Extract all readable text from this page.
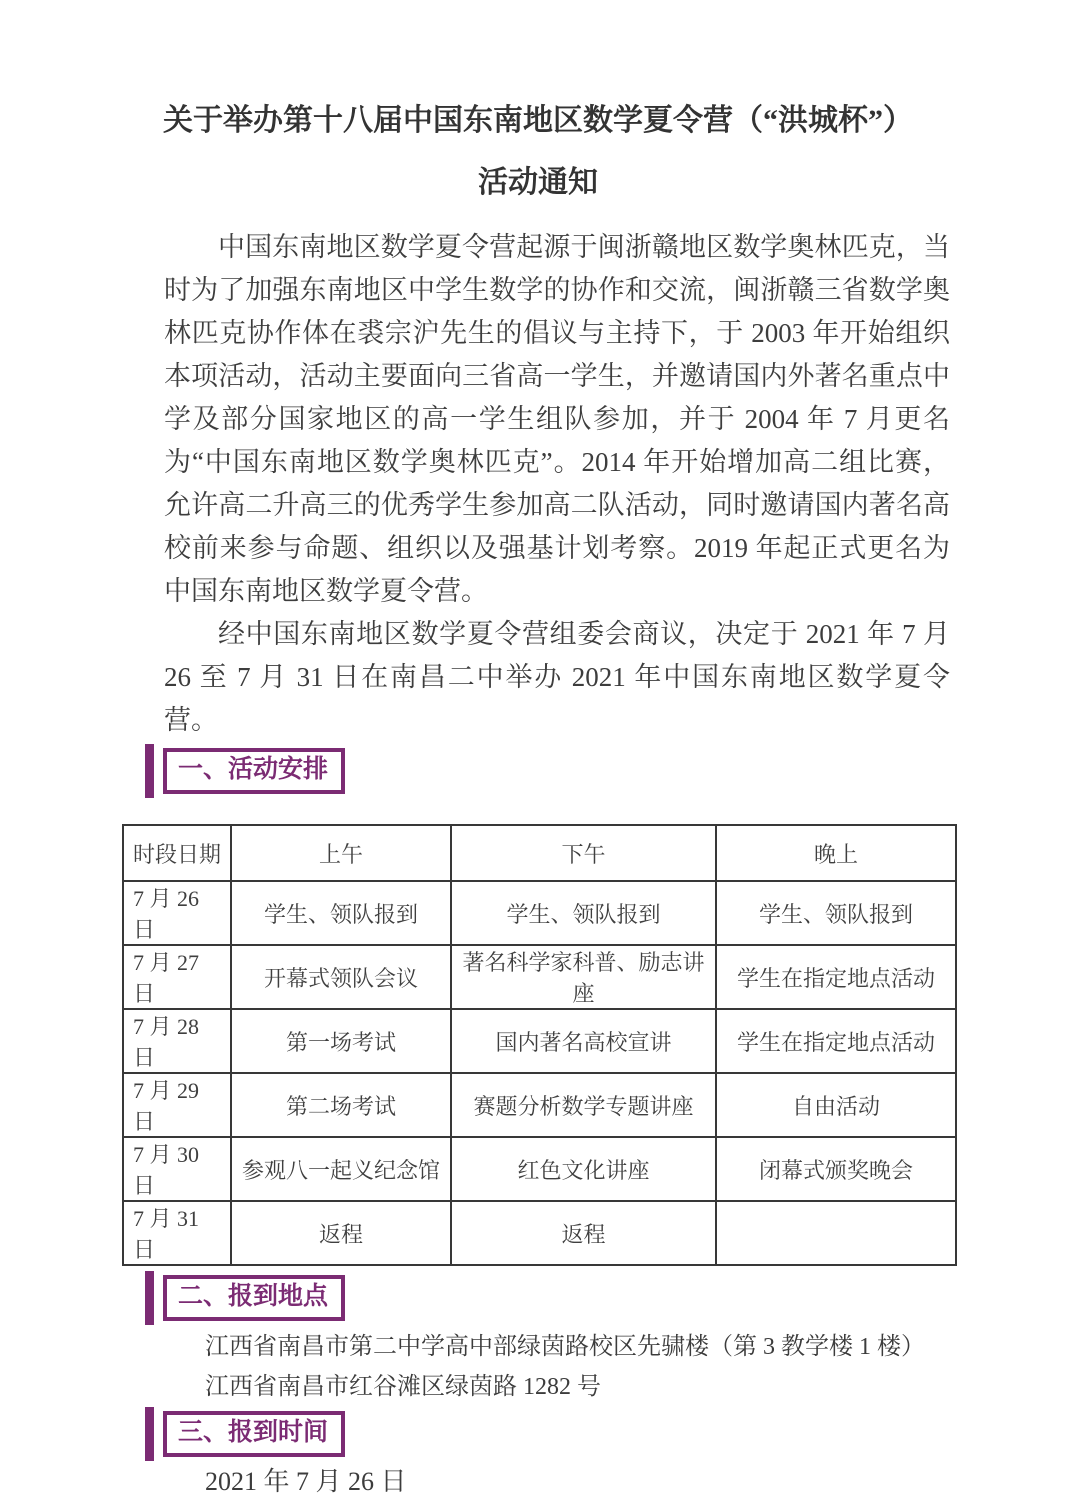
关于举办第十八届中国东南地区数学夏令营（“洪城杯”）
活动通知

中国东南地区数学夏令营起源于闽浙赣地区数学奥林匹克，当时为了加强东南地区中学生数学的协作和交流，闽浙赣三省数学奥林匹克协作体在裘宗沪先生的倡议与主持下，于 2003 年开始组织本项活动，活动主要面向三省高一学生，并邀请国内外著名重点中学及部分国家地区的高一学生组队参加，并于 2004 年 7 月更名为“中国东南地区数学奥林匹克”。2014 年开始增加高二组比赛，允许高二升高三的优秀学生参加高二队活动，同时邀请国内著名高校前来参与命题、组织以及强基计划考察。2019 年起正式更名为中国东南地区数学夏令营。

经中国东南地区数学夏令营组委会商议，决定于 2021 年 7 月 26 至 7 月 31 日在南昌二中举办 2021 年中国东南地区数学夏令营。

一、活动安排
时段日期	上午	下午	晚上
7 月 26 日	学生、领队报到	学生、领队报到	学生、领队报到
7 月 27 日	开幕式领队会议	著名科学家科普、励志讲座	学生在指定地点活动
7 月 28 日	第一场考试	国内著名高校宣讲	学生在指定地点活动
7 月 29 日	第二场考试	赛题分析数学专题讲座	自由活动
7 月 30 日	参观八一起义纪念馆	红色文化讲座	闭幕式颁奖晚会
7 月 31 日	返程	返程	
二、报到地点

江西省南昌市第二中学高中部绿茵路校区先骕楼（第 3 教学楼 1 楼）

江西省南昌市红谷滩区绿茵路 1282 号

三、报到时间

2021 年 7 月 26 日
